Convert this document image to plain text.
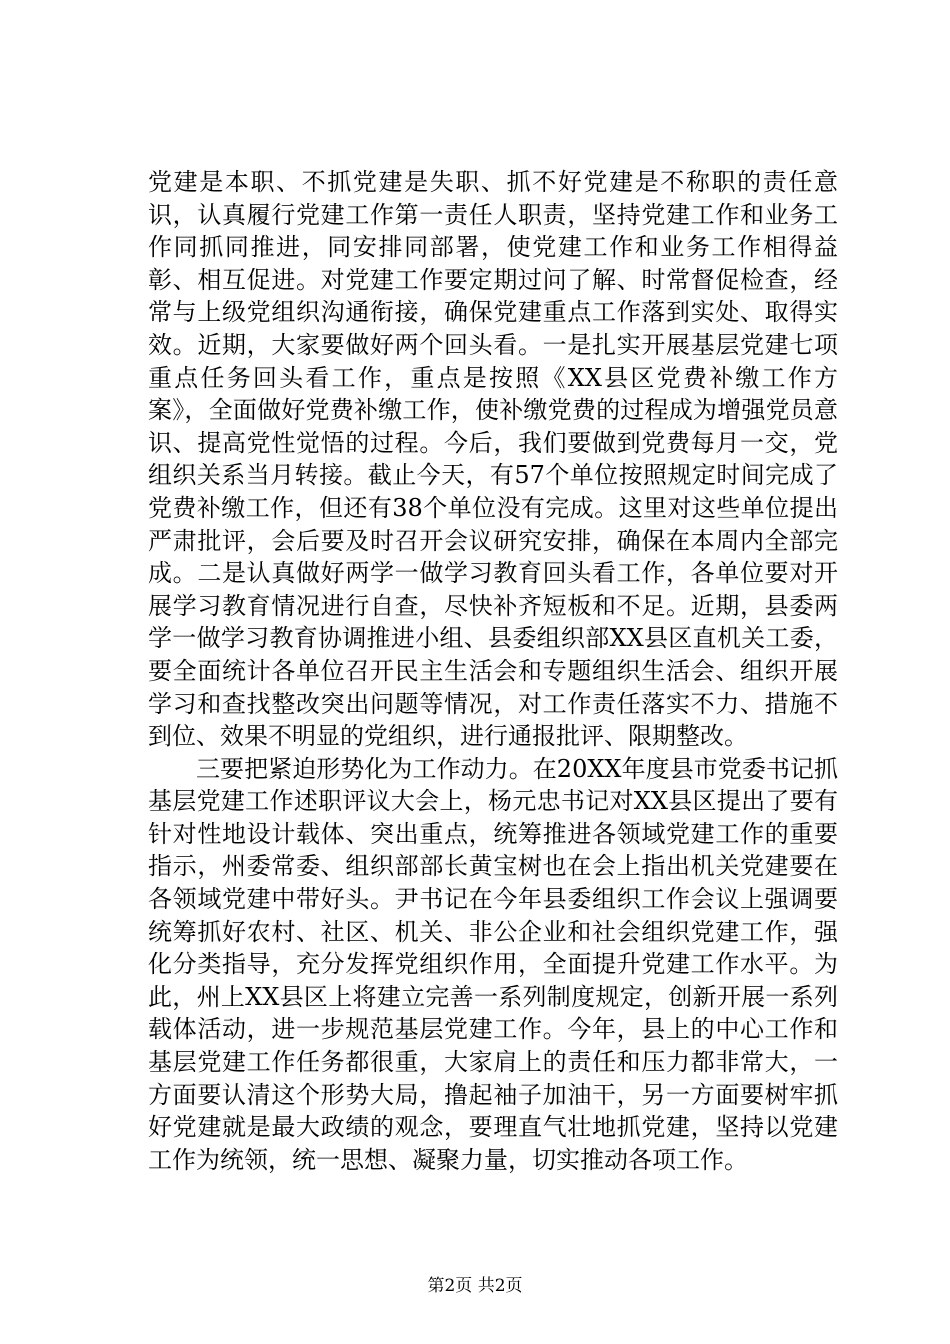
党建是本职、不抓党建是失职、抓不好党建是不称职的责任意识，认真履行党建工作第一责任人职责，坚持党建工作和业务工作同抓同推进，同安排同部署，使党建工作和业务工作相得益彰、相互促进。对党建工作要定期过问了解、时常督促检查，经常与上级党组织沟通衔接，确保党建重点工作落到实处、取得实效。近期，大家要做好两个回头看。一是扎实开展基层党建七项重点任务回头看工作，重点是按照《XX县区党费补缴工作方案》，全面做好党费补缴工作，使补缴党费的过程成为增强党员意识、提高党性觉悟的过程。今后，我们要做到党费每月一交，党组织关系当月转接。截止今天，有57个单位按照规定时间完成了党费补缴工作，但还有38个单位没有完成。这里对这些单位提出严肃批评，会后要及时召开会议研究安排，确保在本周内全部完成。二是认真做好两学一做学习教育回头看工作，各单位要对开展学习教育情况进行自查，尽快补齐短板和不足。近期，县委两学一做学习教育协调推进小组、县委组织部XX县区直机关工委，要全面统计各单位召开民主生活会和专题组织生活会、组织开展学习和查找整改突出问题等情况，对工作责任落实不力、措施不到位、效果不明显的党组织，进行通报批评、限期整改。

三要把紧迫形势化为工作动力。在20XX年度县市党委书记抓基层党建工作述职评议大会上，杨元忠书记对XX县区提出了要有针对性地设计载体、突出重点，统筹推进各领域党建工作的重要指示，州委常委、组织部部长黄宝树也在会上指出机关党建要在各领域党建中带好头。尹书记在今年县委组织工作会议上强调要统筹抓好农村、社区、机关、非公企业和社会组织党建工作，强化分类指导，充分发挥党组织作用，全面提升党建工作水平。为此，州上XX县区上将建立完善一系列制度规定，创新开展一系列载体活动，进一步规范基层党建工作。今年，县上的中心工作和基层党建工作任务都很重，大家肩上的责任和压力都非常大，一方面要认清这个形势大局，撸起袖子加油干，另一方面要树牢抓好党建就是最大政绩的观念，要理直气壮地抓党建，坚持以党建工作为统领，统一思想、凝聚力量，切实推动各项工作。

第2页 共2页
